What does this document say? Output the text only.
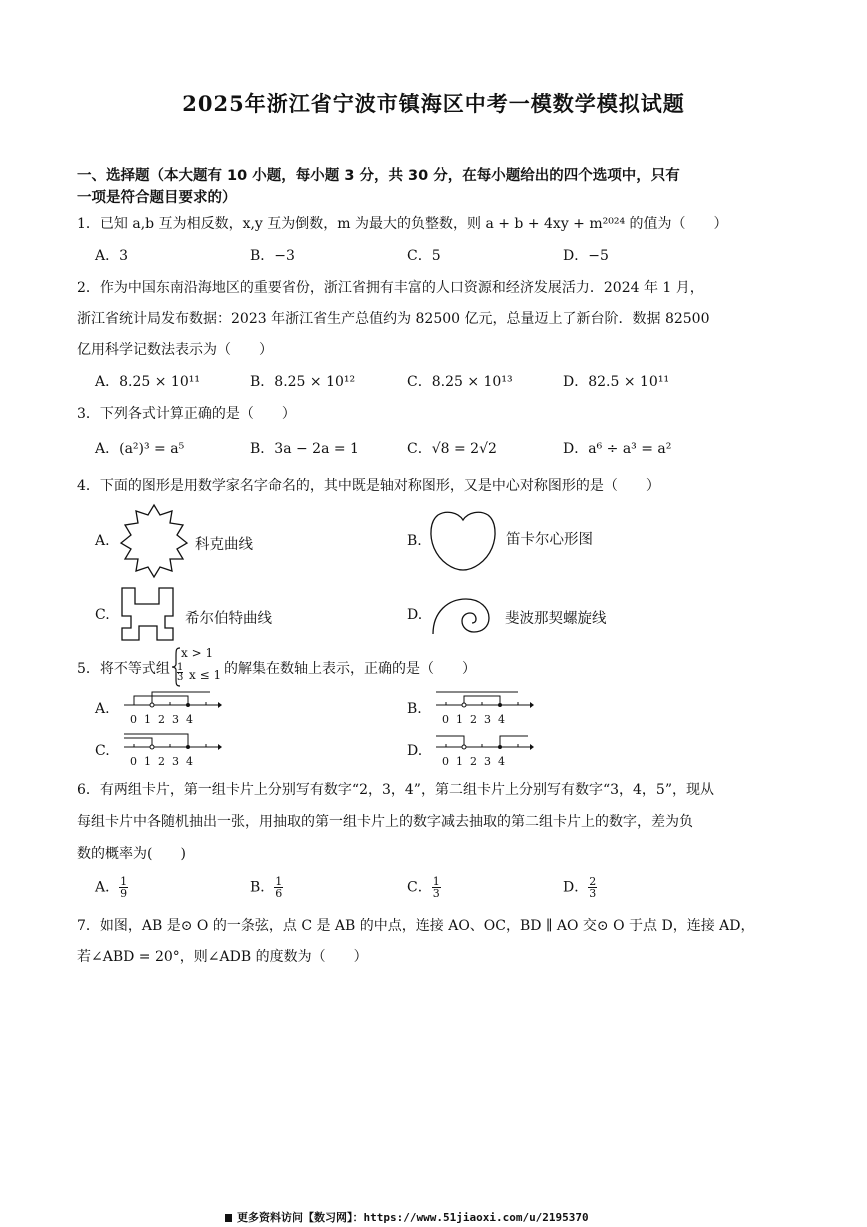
2025年浙江省宁波市镇海区中考一模数学模拟试题
一、选择题（本大题有 10 小题，每小题 3 分，共 30 分，在每小题给出的四个选项中，只有
一项是符合题目要求的）
1．已知 a,b 互为相反数，x,y 互为倒数，m 为最大的负整数，则 a + b + 4xy + m²⁰²⁴ 的值为（　　）
A．3	B．−3	C．5	D．−5
2．作为中国东南沿海地区的重要省份，浙江省拥有丰富的人口资源和经济发展活力．2024 年 1 月，
浙江省统计局发布数据：2023 年浙江省生产总值约为 82500 亿元，总量迈上了新台阶．数据 82500
亿用科学记数法表示为（　　）
A．8.25 × 10¹¹	B．8.25 × 10¹²	C．8.25 × 10¹³	D．82.5 × 10¹¹
3．下列各式计算正确的是（　　）
A．(a²)³ = a⁵	B．3a − 2a = 1	C．√8 = 2√2	D．a⁶ ÷ a³ = a²
4．下面的图形是用数学家名字命名的，其中既是轴对称图形，又是中心对称图形的是（　　）
A.	科克曲线	B.	笛卡尔心形图
C.	希尔伯特曲线	D.	斐波那契螺旋线
5．将不等式组
x > 1
$\frac{1}{3}$ x ≤ 1 的解集在数轴上表示，正确的是（　　）
A.
01234
B.
01234
C.
01234
D.
01234
6．有两组卡片，第一组卡片上分别写有数字“2，3，4”，第二组卡片上分别写有数字“3，4，5”，现从
每组卡片中各随机抽出一张，用抽取的第一组卡片上的数字减去抽取的第二组卡片上的数字，差为负
数的概率为(　　)
A． $\frac{1}{9}$	B． $\frac{1}{6}$	C． $\frac{1}{3}$	D． $\frac{2}{3}$
7．如图，AB 是⊙ O 的一条弦，点 C 是 AB 的中点，连接 AO、OC，BD ∥ AO 交⊙ O 于点 D，连接 AD，
若∠ABD = 20°，则∠ADB 的度数为（　　）
更多资料访问【数习网】：https://www.51jiaoxi.com/u/2195370
